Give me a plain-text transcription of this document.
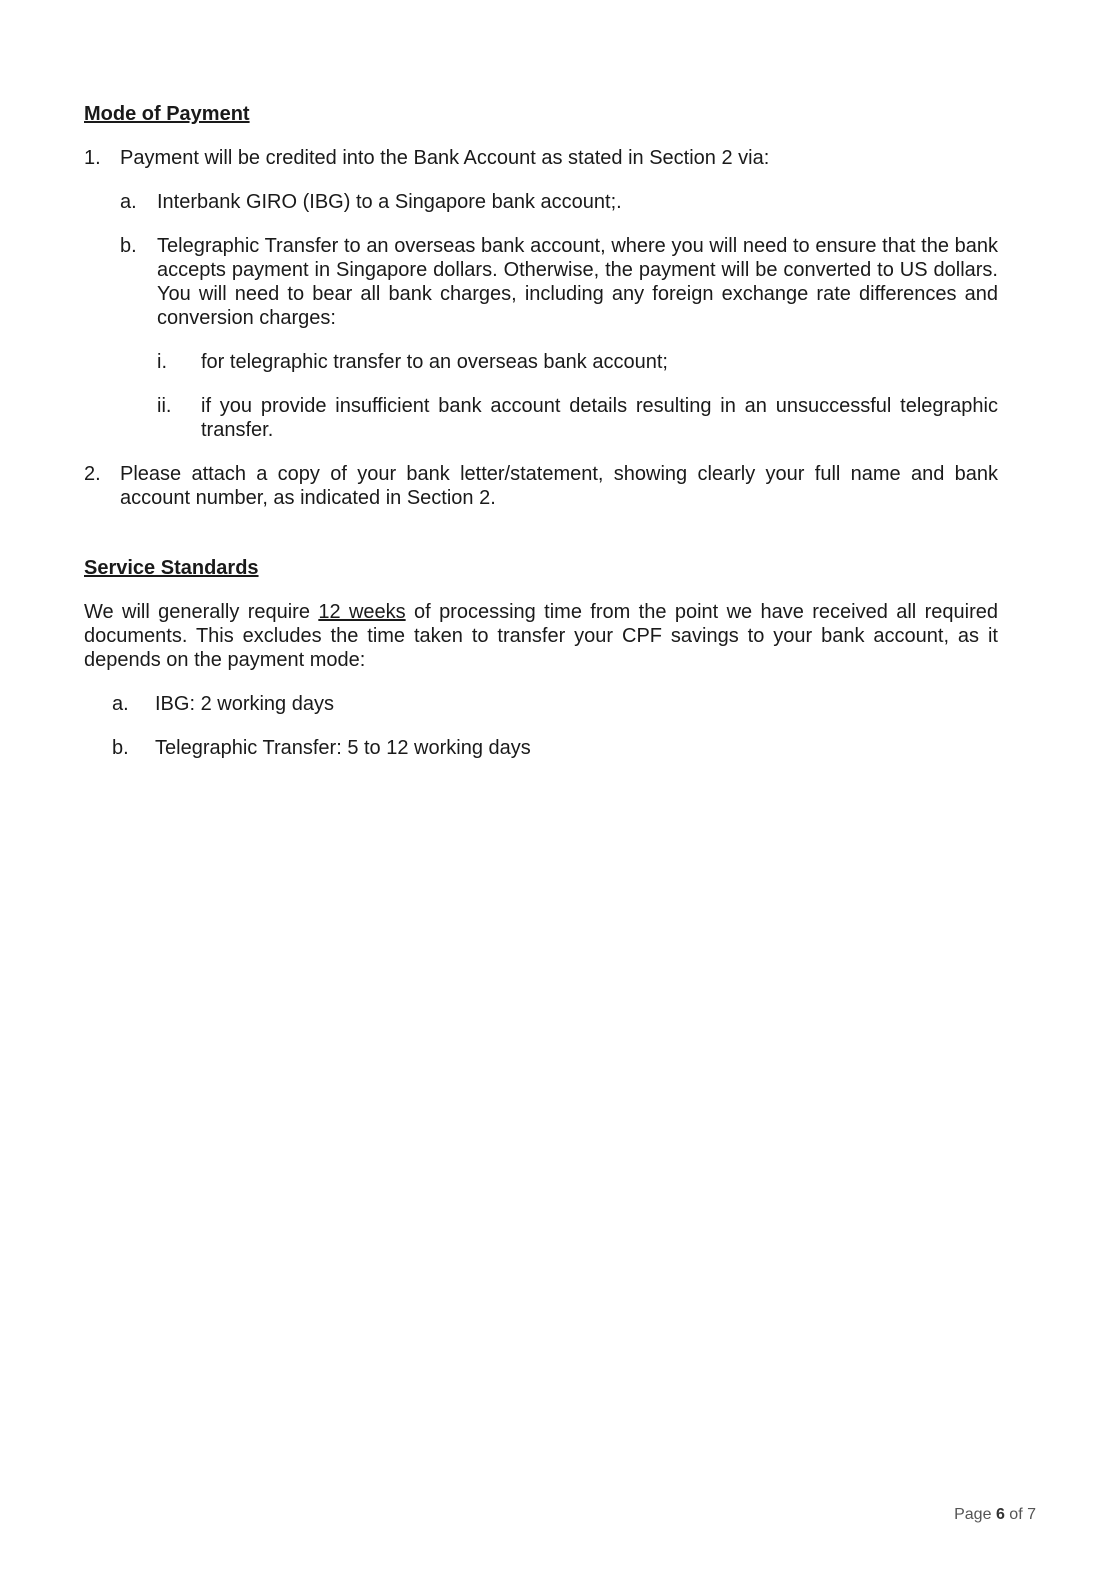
Mode of Payment
1. Payment will be credited into the Bank Account as stated in Section 2 via:
a.	Interbank GIRO (IBG) to a Singapore bank account;.
b.	Telegraphic Transfer to an overseas bank account, where you will need to ensure that the bank accepts payment in Singapore dollars. Otherwise, the payment will be converted to US dollars. You will need to bear all bank charges, including any foreign exchange rate differences and conversion charges:
i.	for telegraphic transfer to an overseas bank account;
ii.	if you provide insufficient bank account details resulting in an unsuccessful telegraphic transfer.
2. Please attach a copy of your bank letter/statement, showing clearly your full name and bank account number, as indicated in Section 2.
Service Standards

We will generally require 12 weeks of processing time from the point we have received all required documents. This excludes the time taken to transfer your CPF savings to your bank account, as it depends on the payment mode:

a.	IBG: 2 working days
b.	Telegraphic Transfer: 5 to 12 working days
Page 6 of 7
